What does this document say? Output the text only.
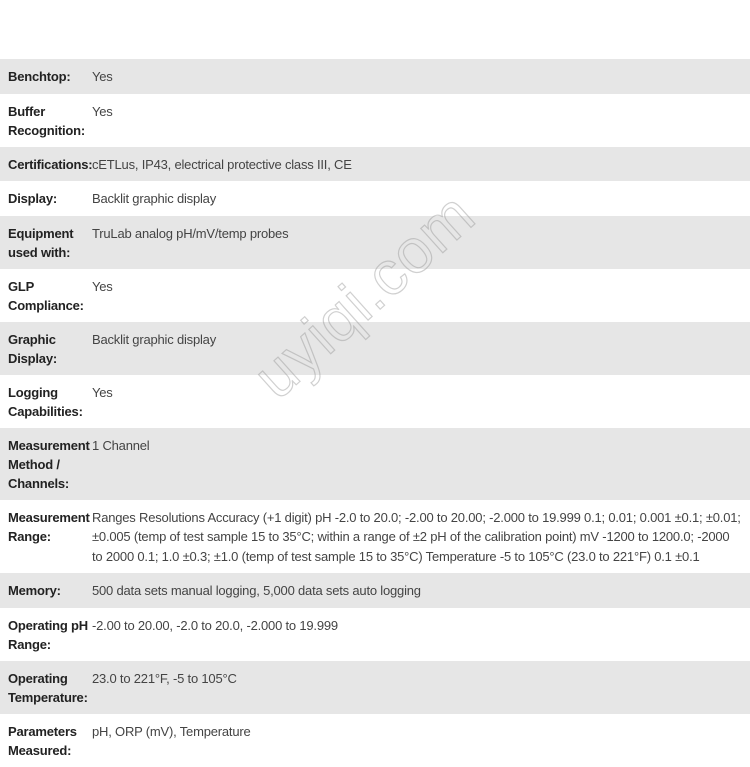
Benchtop:	Yes
Buffer Recognition:
Yes
Certifications: cETLus, IP43, electrical protective class III, CE
Display:	Backlit graphic display
Equipment used with:
TruLab analog pH/mV/temp probes
GLP Compliance:
Yes
Graphic Display:
Backlit graphic display
Logging Capabilities:
Yes
Measurement Method / Channels:
1 Channel
Measurement Range:
Ranges Resolutions Accuracy (+1 digit) pH -2.0 to 20.0; -2.00 to 20.00; -2.000 to 19.999 0.1; 0.01; 0.001 ±0.1; ±0.01; ±0.005 (temp of test sample 15 to 35°C; within a range of ±2 pH of the calibration point) mV -1200 to 1200.0; -2000 to 2000 0.1; 1.0 ±0.3; ±1.0 (temp of test sample 15 to 35°C) Temperature -5 to 105°C (23.0 to 221°F) 0.1 ±0.1
Memory:	500 data sets manual logging, 5,000 data sets auto logging
Operating pH Range:
-2.00 to 20.00, -2.0 to 20.0, -2.000 to 19.999
Operating Temperature:
23.0 to 221°F, -5 to 105°C
Parameters Measured:
pH, ORP (mV), Temperature
